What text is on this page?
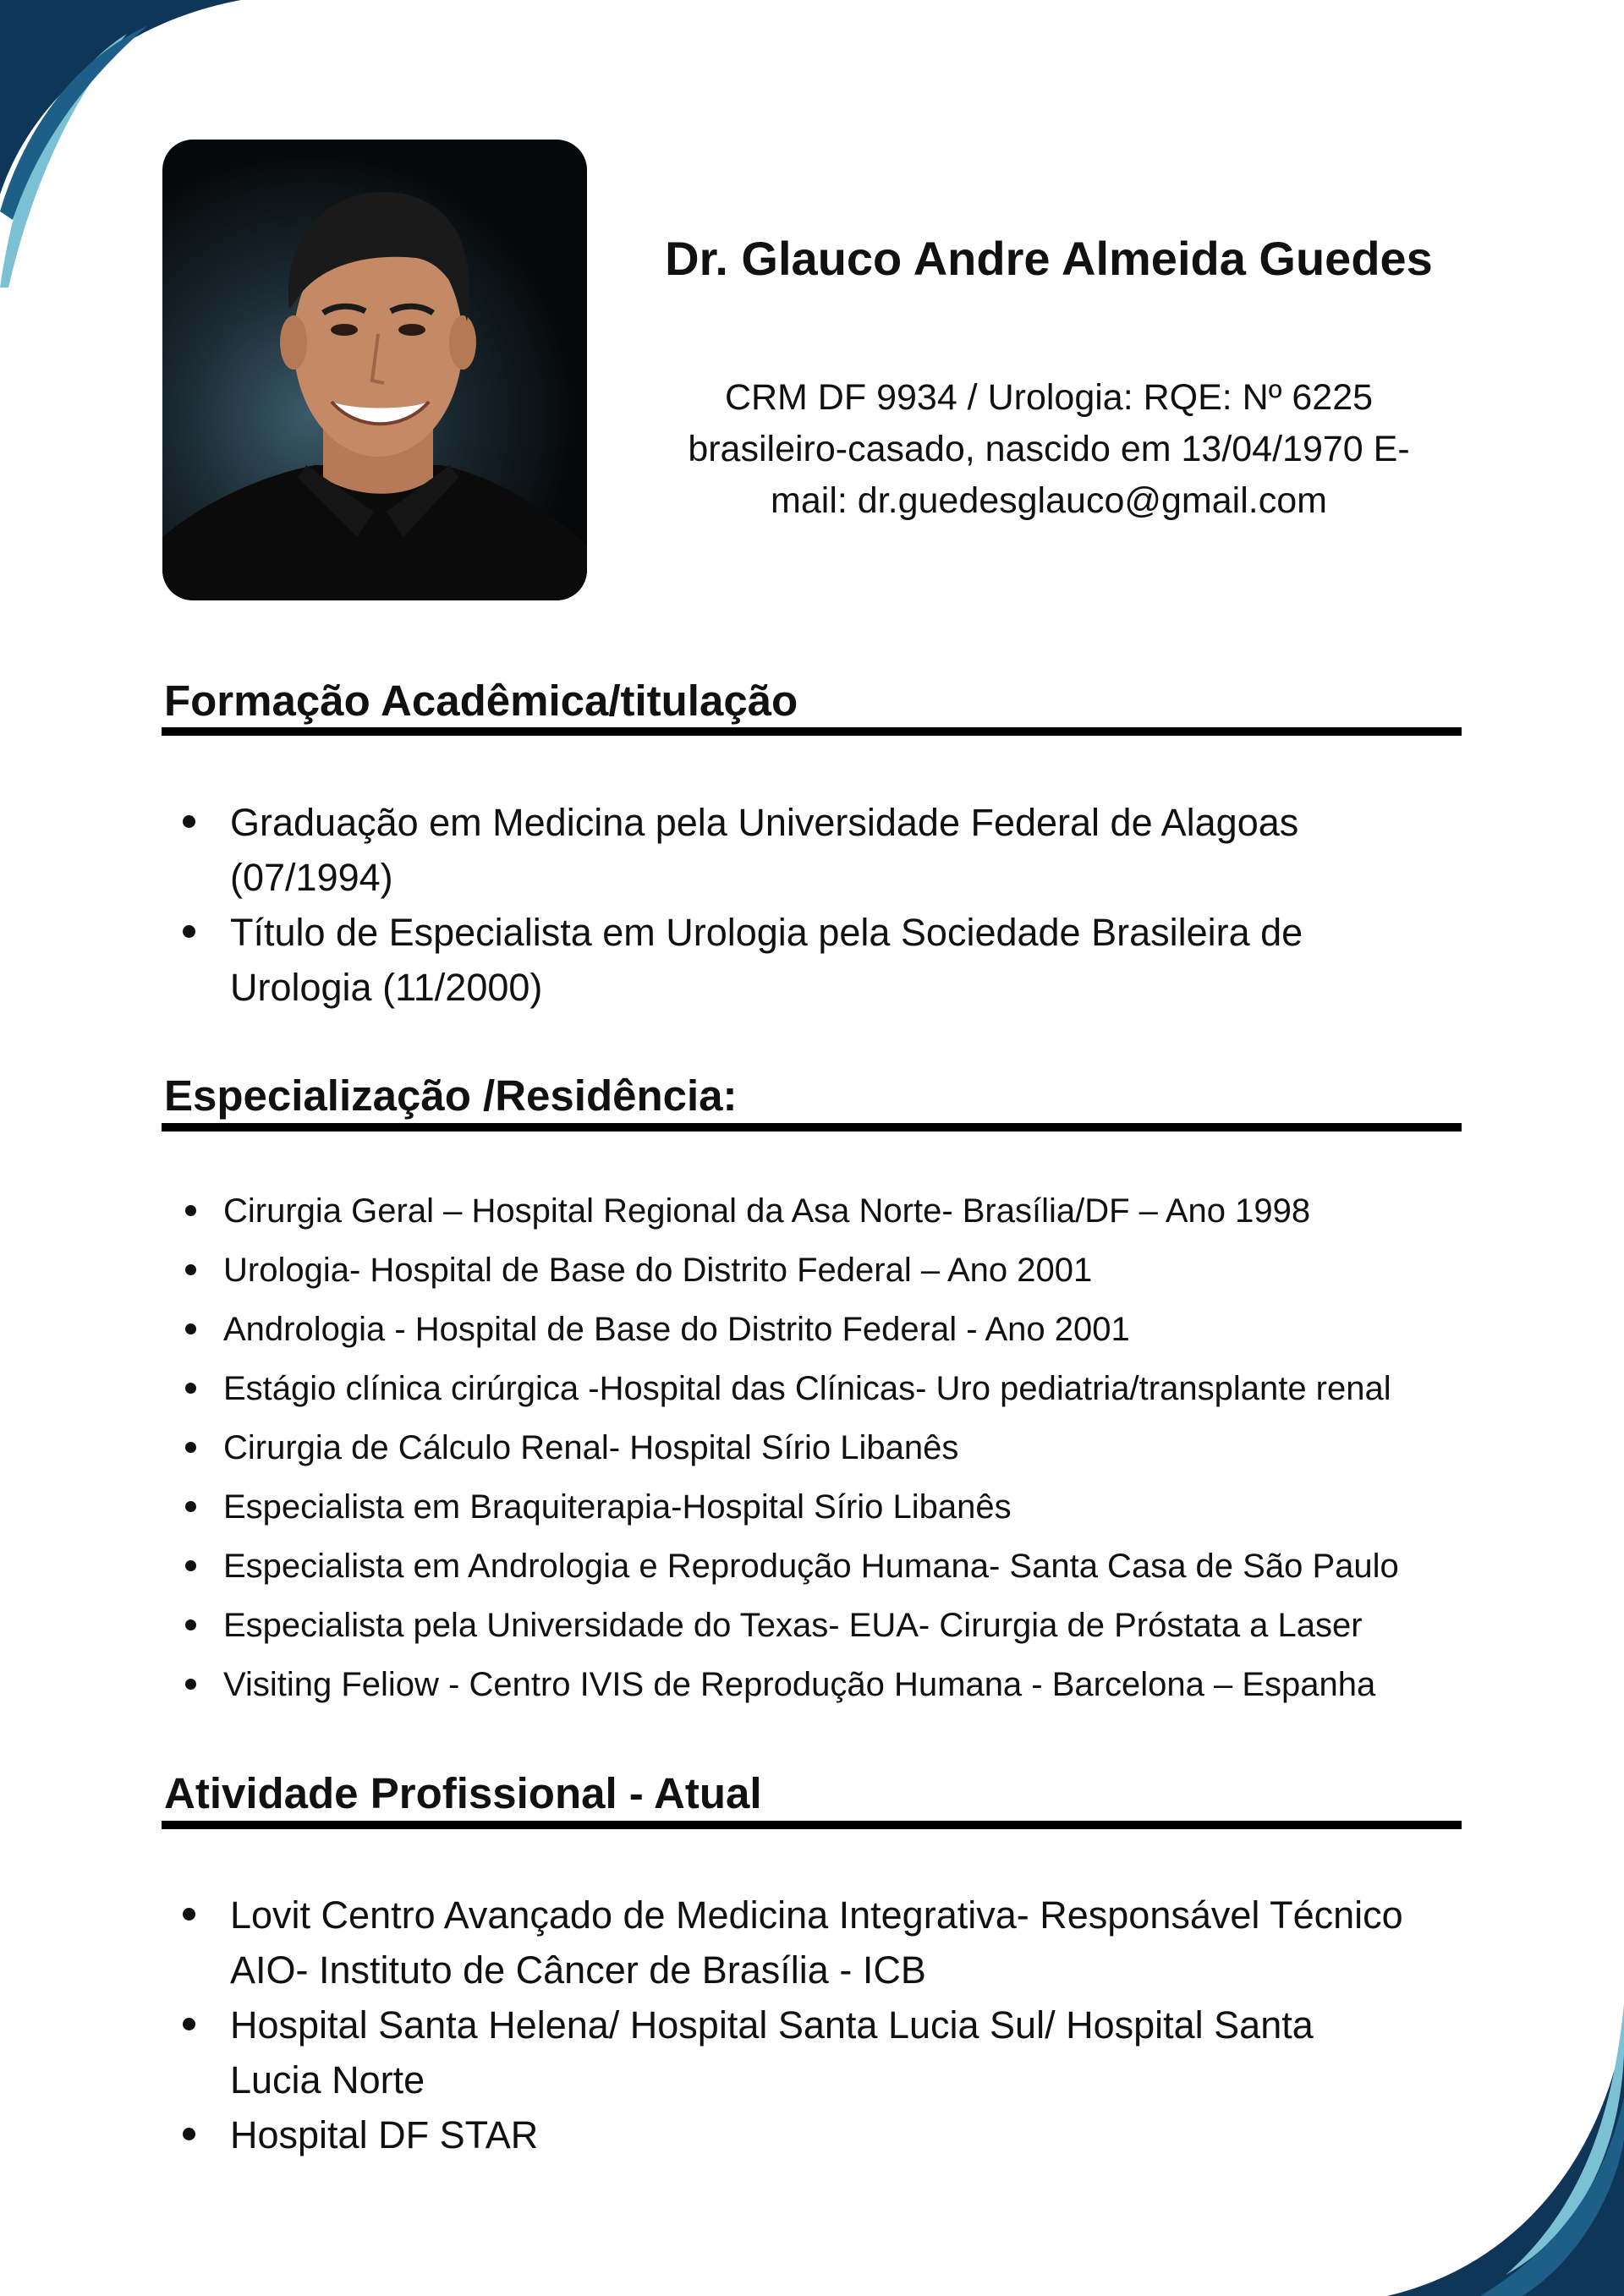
Dr. Glauco Andre Almeida Guedes
CRM DF 9934 / Urologia: RQE: Nº 6225
brasileiro-casado, nascido em 13/04/1970 E-
mail: dr.guedesglauco@gmail.com
Formação Acadêmica/titulação
Graduação em Medicina pela Universidade Federal de Alagoas (07/1994)
Título de Especialista em Urologia pela Sociedade Brasileira de Urologia (11/2000)
Especialização /Residência:
Cirurgia Geral – Hospital Regional da Asa Norte- Brasília/DF – Ano 1998
Urologia- Hospital de Base do Distrito Federal – Ano 2001
Andrologia - Hospital de Base do Distrito Federal - Ano 2001
Estágio clínica cirúrgica -Hospital das Clínicas- Uro pediatria/transplante renal
Cirurgia de Cálculo Renal- Hospital Sírio Libanês
Especialista em Braquiterapia-Hospital Sírio Libanês
Especialista em Andrologia e Reprodução Humana- Santa Casa de São Paulo
Especialista pela Universidade do Texas- EUA- Cirurgia de Próstata a Laser
Visiting Feliow - Centro IVIS de Reprodução Humana - Barcelona – Espanha
Atividade Profissional - Atual
Lovit Centro Avançado de Medicina Integrativa- Responsável Técnico AIO- Instituto de Câncer de Brasília - ICB
Hospital Santa Helena/ Hospital Santa Lucia Sul/ Hospital Santa Lucia Norte
Hospital DF STAR
